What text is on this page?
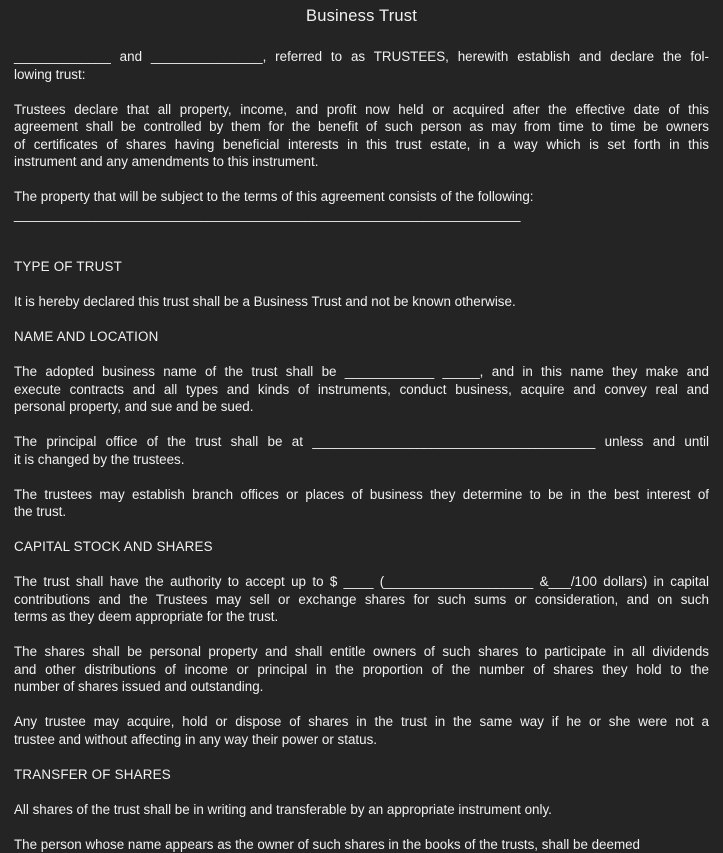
Business Trust
_____________ and _______________, referred to as TRUSTEES, herewith establish and declare the fol-
lowing trust:
Trustees declare that all property, income, and profit now held or acquired after the effective date of this
agreement shall be controlled by them for the benefit of such person as may from time to time be owners
of certificates of shares having beneficial interests in this trust estate, in a way which is set forth in this
instrument and any amendments to this instrument.
The property that will be subject to the terms of this agreement consists of the following:
____________________________________________________________________
TYPE OF TRUST
It is hereby declared this trust shall be a Business Trust and not be known otherwise.
NAME AND LOCATION
The adopted business name of the trust shall be ____________ _____, and in this name they make and
execute contracts and all types and kinds of instruments, conduct business, acquire and convey real and
personal property, and sue and be sued.
The principal office of the trust shall be at ______________________________________ unless and until
it is changed by the trustees.
The trustees may establish branch offices or places of business they determine to be in the best interest of
the trust.
CAPITAL STOCK AND SHARES
The trust shall have the authority to accept up to $ ____ (____________________ &___/100 dollars) in capital
contributions and the Trustees may sell or exchange shares for such sums or consideration, and on such
terms as they deem appropriate for the trust.
The shares shall be personal property and shall entitle owners of such shares to participate in all dividends
and other distributions of income or principal in the proportion of the number of shares they hold to the
number of shares issued and outstanding.
Any trustee may acquire, hold or dispose of shares in the trust in the same way if he or she were not a
trustee and without affecting in any way their power or status.
TRANSFER OF SHARES
All shares of the trust shall be in writing and transferable by an appropriate instrument only.
The person whose name appears as the owner of such shares in the books of the trusts, shall be deemed
